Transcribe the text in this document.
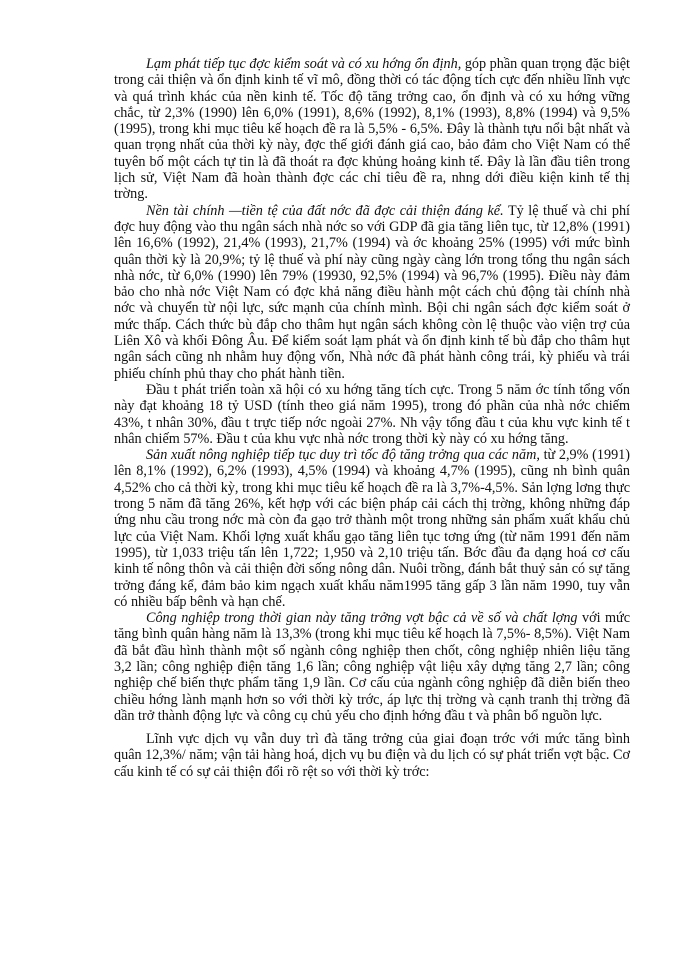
Lạm phát tiếp tục đợc kiểm soát và có xu hớng ổn định, góp phần quan trọng đặc biệt trong cải thiện và ổn định kinh tế vĩ mô, đồng thời có tác động tích cực đến nhiều lĩnh vực và quá trình khác của nền kinh tế. Tốc độ tăng trởng cao, ổn định và có xu hớng vững chắc, từ 2,3% (1990) lên 6,0% (1991), 8,6% (1992), 8,1% (1993), 8,8% (1994) và 9,5% (1995), trong khi mục tiêu kế hoạch đề ra là 5,5% - 6,5%. Đây là thành tựu nổi bật nhất và quan trọng nhất của thời kỳ này, đợc thế giới đánh giá cao, bảo đảm cho Việt Nam có thể tuyên bố một cách tự tin là đã thoát ra đợc khủng hoảng kinh tế. Đây là lần đầu tiên trong lịch sử, Việt Nam đã hoàn thành đợc các chỉ tiêu đề ra, nhng dới điều kiện kinh tế thị trờng.

Nền tài chính —tiền tệ của đất nớc đã đợc cải thiện đáng kể. Tỷ lệ thuế và chi phí đợc huy động vào thu ngân sách nhà nớc so với GDP đã gia tăng liên tục, từ 12,8% (1991) lên 16,6% (1992), 21,4% (1993), 21,7% (1994) và ớc khoảng 25% (1995) với mức bình quân thời kỳ là 20,9%; tỷ lệ thuế và phí này cũng ngày càng lớn trong tổng thu ngân sách nhà nớc, từ 6,0% (1990) lên 79% (19930, 92,5% (1994) và 96,7% (1995). Điều này đảm bảo cho nhà nớc Việt Nam có đợc khả năng điều hành một cách chủ động tài chính nhà nớc và chuyển từ nội lực, sức mạnh của chính mình. Bội chi ngân sách đợc kiểm soát ở mức thấp. Cách thức bù đắp cho thâm hụt ngân sách không còn lệ thuộc vào viện trợ của Liên Xô và khối Đông Âu. Để kiểm soát lạm phát và ổn định kinh tế bù đắp cho thâm hụt ngân sách cũng nh nhằm huy động vốn, Nhà nớc đã phát hành công trái, kỳ phiếu và trái phiếu chính phủ thay cho phát hành tiền.

Đầu t phát triển toàn xã hội có xu hớng tăng tích cực. Trong 5 năm ớc tính tổng vốn này đạt khoảng 18 tỷ USD (tính theo giá năm 1995), trong đó phần của nhà nớc chiếm 43%, t nhân 30%, đầu t trực tiếp nớc ngoài 27%. Nh vậy tổng đầu t của khu vực kinh tế t nhân chiếm 57%. Đầu t của khu vực nhà nớc trong thời kỳ này có xu hớng tăng.

Sản xuất nông nghiệp tiếp tục duy trì tốc độ tăng trởng qua các năm, từ 2,9% (1991) lên 8,1% (1992), 6,2% (1993), 4,5% (1994) và khoảng 4,7% (1995), cũng nh bình quân 4,52% cho cả thời kỳ, trong khi mục tiêu kế hoạch đề ra là 3,7%-4,5%. Sản lợng lơng thực trong 5 năm đã tăng 26%, kết hợp với các biện pháp cải cách thị trờng, không những đáp ứng nhu cầu trong nớc mà còn đa gạo trở thành một trong những sản phẩm xuất khẩu chủ lực của Việt Nam. Khối lợng xuất khẩu gạo tăng liên tục tơng ứng (từ năm 1991 đến năm 1995), từ 1,033 triệu tấn lên 1,722; 1,950 và 2,10 triệu tấn. Bớc đầu đa dạng hoá cơ cấu kinh tế nông thôn và cải thiện đời sống nông dân. Nuôi trồng, đánh bắt thuỷ sản có sự tăng trởng đáng kể, đảm bảo kim ngạch xuất khẩu năm1995 tăng gấp 3 lần năm 1990, tuy vẫn có nhiều bấp bênh và hạn chế.

Công nghiệp trong thời gian này tăng trởng vợt bậc cả về số và chất lợng với mức tăng bình quân hàng năm là 13,3% (trong khi mục tiêu kế hoạch là 7,5%- 8,5%). Việt Nam đã bắt đầu hình thành một số ngành công nghiệp then chốt, công nghiệp nhiên liệu tăng 3,2 lần; công nghiệp điện tăng 1,6 lần; công nghiệp vật liệu xây dựng tăng 2,7 lần; công nghiệp chế biến thực phẩm tăng 1,9 lần. Cơ cấu của ngành công nghiệp đã diễn biến theo chiều hớng lành mạnh hơn so với thời kỳ trớc, áp lực thị trờng và cạnh tranh thị trờng đã dần trở thành động lực và công cụ chủ yếu cho định hớng đầu t và phân bổ nguồn lực.

Lĩnh vực dịch vụ vẫn duy trì đà tăng trởng của giai đoạn trớc với mức tăng bình quân 12,3%/ năm; vận tải hàng hoá, dịch vụ bu điện và du lịch có sự phát triển vợt bậc. Cơ cấu kinh tế có sự cải thiện đổi rõ rệt so với thời kỳ trớc:
